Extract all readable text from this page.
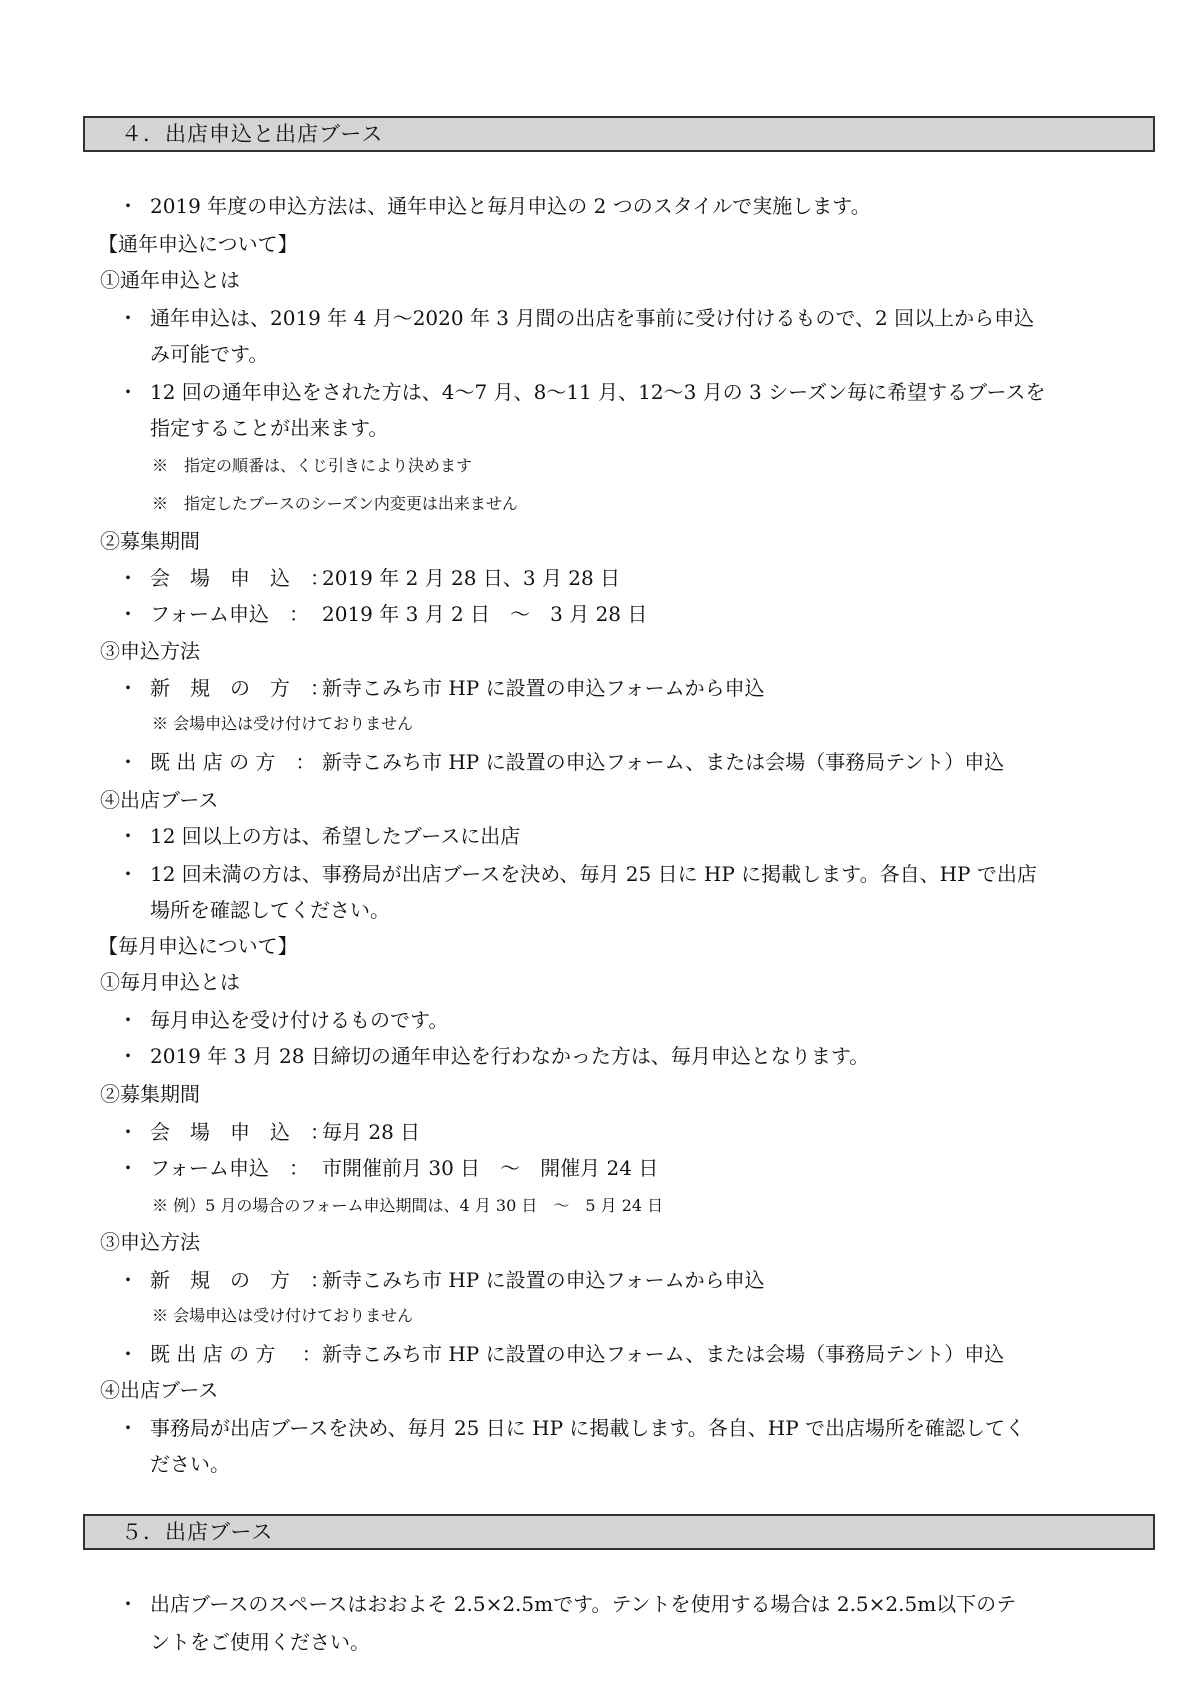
４．出店申込と出店ブース
・ 2019 年度の申込方法は、通年申込と毎月申込の 2 つのスタイルで実施します。
【通年申込について】
①通年申込とは
・ 通年申込は、2019 年 4 月～2020 年 3 月間の出店を事前に受け付けるもので、2 回以上から申込
み可能です。
・ 12 回の通年申込をされた方は、4～7 月、8～11 月、12～3 月の 3 シーズン毎に希望するブースを
指定することが出来ます。
※　指定の順番は、くじ引きにより決めます
※　指定したブースのシーズン内変更は出来ません
②募集期間
・ 会　場　申　込　：2019 年 2 月 28 日、3 月 28 日
・ フォーム申込　： 2019 年 3 月 2 日　～　3 月 28 日
③申込方法
・ 新　規　の　方　：新寺こみち市 HP に設置の申込フォームから申込
※ 会場申込は受け付けておりません
・ 既 出 店 の 方　： 新寺こみち市 HP に設置の申込フォーム、または会場（事務局テント）申込
④出店ブース
・ 12 回以上の方は、希望したブースに出店
・ 12 回未満の方は、事務局が出店ブースを決め、毎月 25 日に HP に掲載します。各自、HP で出店
場所を確認してください。
【毎月申込について】
①毎月申込とは
・ 毎月申込を受け付けるものです。
・ 2019 年 3 月 28 日締切の通年申込を行わなかった方は、毎月申込となります。
②募集期間
・ 会　場　申　込　：毎月 28 日
・ フォーム申込　： 市開催前月 30 日　～　開催月 24 日
※ 例）5 月の場合のフォーム申込期間は、4 月 30 日　～　5 月 24 日
③申込方法
・ 新　規　の　方　：新寺こみち市 HP に設置の申込フォームから申込
※ 会場申込は受け付けておりません
・ 既 出 店 の 方　 ：新寺こみち市 HP に設置の申込フォーム、または会場（事務局テント）申込
④出店ブース
・ 事務局が出店ブースを決め、毎月 25 日に HP に掲載します。各自、HP で出店場所を確認してく
ださい。
５．出店ブース
・ 出店ブースのスペースはおおよそ 2.5×2.5mです。テントを使用する場合は 2.5×2.5m以下のテ
ントをご使用ください。
